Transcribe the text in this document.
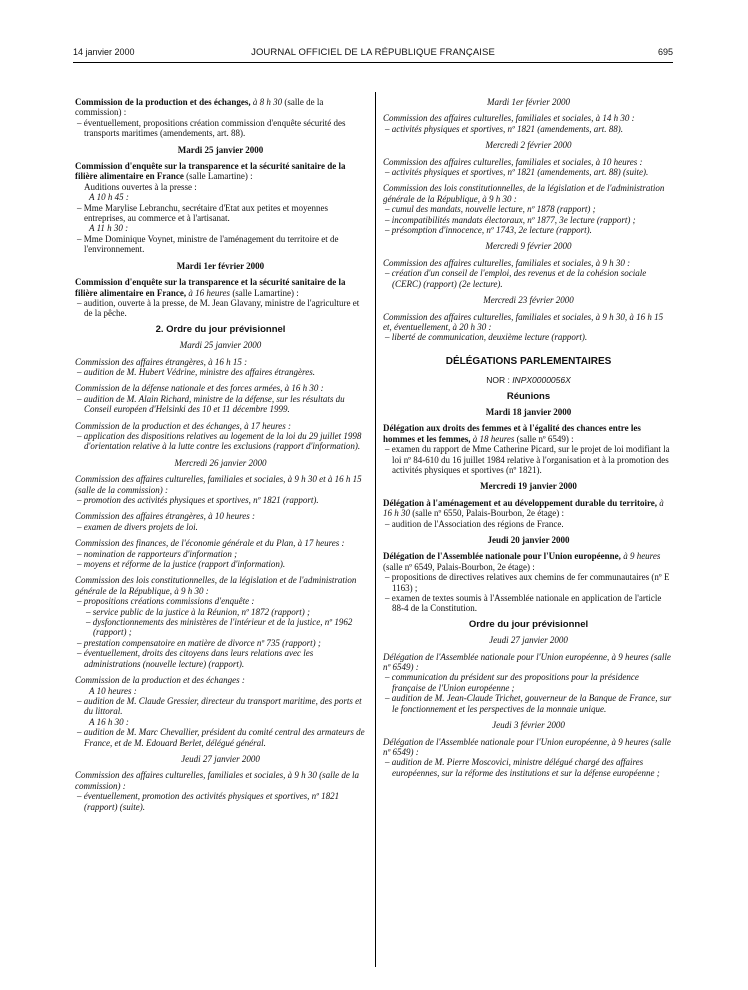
14 janvier 2000	JOURNAL OFFICIEL DE LA RÉPUBLIQUE FRANÇAISE	695

Commission de la production et des échanges, à 8 h 30 (salle de la commission) :

– éventuellement, propositions création commission d'enquête sécurité des transports maritimes (amendements, art. 88).

Mardi 25 janvier 2000

Commission d'enquête sur la transparence et la sécurité sanitaire de la filière alimentaire en France (salle Lamartine) :

Auditions ouvertes à la presse :

A 10 h 45 :

– Mme Marylise Lebranchu, secrétaire d'Etat aux petites et moyennes entreprises, au commerce et à l'artisanat.

A 11 h 30 :

– Mme Dominique Voynet, ministre de l'aménagement du territoire et de l'environnement.

Mardi 1er février 2000

Commission d'enquête sur la transparence et la sécurité sanitaire de la filière alimentaire en France, à 16 heures (salle Lamartine) :

– audition, ouverte à la presse, de M. Jean Glavany, ministre de l'agriculture et de la pêche.

2. Ordre du jour prévisionnel

Mardi 25 janvier 2000

Commission des affaires étrangères, à 16 h 15 :

– audition de M. Hubert Védrine, ministre des affaires étrangères.

Commission de la défense nationale et des forces armées, à 16 h 30 :

– audition de M. Alain Richard, ministre de la défense, sur les résultats du Conseil européen d'Helsinki des 10 et 11 décembre 1999.

Commission de la production et des échanges, à 17 heures :

– application des dispositions relatives au logement de la loi du 29 juillet 1998 d'orientation relative à la lutte contre les exclusions (rapport d'information).

Mercredi 26 janvier 2000

Commission des affaires culturelles, familiales et sociales, à 9 h 30 et à 16 h 15 (salle de la commission) :

– promotion des activités physiques et sportives, nº 1821 (rapport).

Commission des affaires étrangères, à 10 heures :

– examen de divers projets de loi.

Commission des finances, de l'économie générale et du Plan, à 17 heures :

– nomination de rapporteurs d'information ;

– moyens et réforme de la justice (rapport d'information).

Commission des lois constitutionnelles, de la législation et de l'administration générale de la République, à 9 h 30 :

– propositions créations commissions d'enquête :

– service public de la justice à la Réunion, nº 1872 (rapport) ;

– dysfonctionnements des ministères de l'intérieur et de la justice, nº 1962 (rapport) ;

– prestation compensatoire en matière de divorce nº 735 (rapport) ;

– éventuellement, droits des citoyens dans leurs relations avec les administrations (nouvelle lecture) (rapport).

Commission de la production et des échanges :

A 10 heures :

– audition de M. Claude Gressier, directeur du transport maritime, des ports et du littoral.

A 16 h 30 :

– audition de M. Marc Chevallier, président du comité central des armateurs de France, et de M. Edouard Berlet, délégué général.

Jeudi 27 janvier 2000

Commission des affaires culturelles, familiales et sociales, à 9 h 30 (salle de la commission) :

– éventuellement, promotion des activités physiques et sportives, nº 1821 (rapport) (suite).

Mardi 1er février 2000

Commission des affaires culturelles, familiales et sociales, à 14 h 30 :

– activités physiques et sportives, nº 1821 (amendements, art. 88).

Mercredi 2 février 2000

Commission des affaires culturelles, familiales et sociales, à 10 heures :

– activités physiques et sportives, nº 1821 (amendements, art. 88) (suite).

Commission des lois constitutionnelles, de la législation et de l'administration générale de la République, à 9 h 30 :

– cumul des mandats, nouvelle lecture, nº 1878 (rapport) ;

– incompatibilités mandats électoraux, nº 1877, 3e lecture (rapport) ;

– présomption d'innocence, nº 1743, 2e lecture (rapport).

Mercredi 9 février 2000

Commission des affaires culturelles, familiales et sociales, à 9 h 30 :

– création d'un conseil de l'emploi, des revenus et de la cohésion sociale (CERC) (rapport) (2e lecture).

Mercredi 23 février 2000

Commission des affaires culturelles, familiales et sociales, à 9 h 30, à 16 h 15 et, éventuellement, à 20 h 30 :

– liberté de communication, deuxième lecture (rapport).

DÉLÉGATIONS PARLEMENTAIRES

NOR : INPX0000056X

Réunions

Mardi 18 janvier 2000

Délégation aux droits des femmes et à l'égalité des chances entre les hommes et les femmes, à 18 heures (salle nº 6549) :

– examen du rapport de Mme Catherine Picard, sur le projet de loi modifiant la loi nº 84-610 du 16 juillet 1984 relative à l'organisation et à la promotion des activités physiques et sportives (nº 1821).

Mercredi 19 janvier 2000

Délégation à l'aménagement et au développement durable du territoire, à 16 h 30 (salle nº 6550, Palais-Bourbon, 2e étage) :

– audition de l'Association des régions de France.

Jeudi 20 janvier 2000

Délégation de l'Assemblée nationale pour l'Union européenne, à 9 heures (salle nº 6549, Palais-Bourbon, 2e étage) :

– propositions de directives relatives aux chemins de fer communautaires (nº E 1163) ;

– examen de textes soumis à l'Assemblée nationale en application de l'article 88-4 de la Constitution.

Ordre du jour prévisionnel

Jeudi 27 janvier 2000

Délégation de l'Assemblée nationale pour l'Union européenne, à 9 heures (salle nº 6549) :

– communication du président sur des propositions pour la présidence française de l'Union européenne ;

– audition de M. Jean-Claude Trichet, gouverneur de la Banque de France, sur le fonctionnement et les perspectives de la monnaie unique.

Jeudi 3 février 2000

Délégation de l'Assemblée nationale pour l'Union européenne, à 9 heures (salle nº 6549) :

– audition de M. Pierre Moscovici, ministre délégué chargé des affaires européennes, sur la réforme des institutions et sur la défense européenne ;
